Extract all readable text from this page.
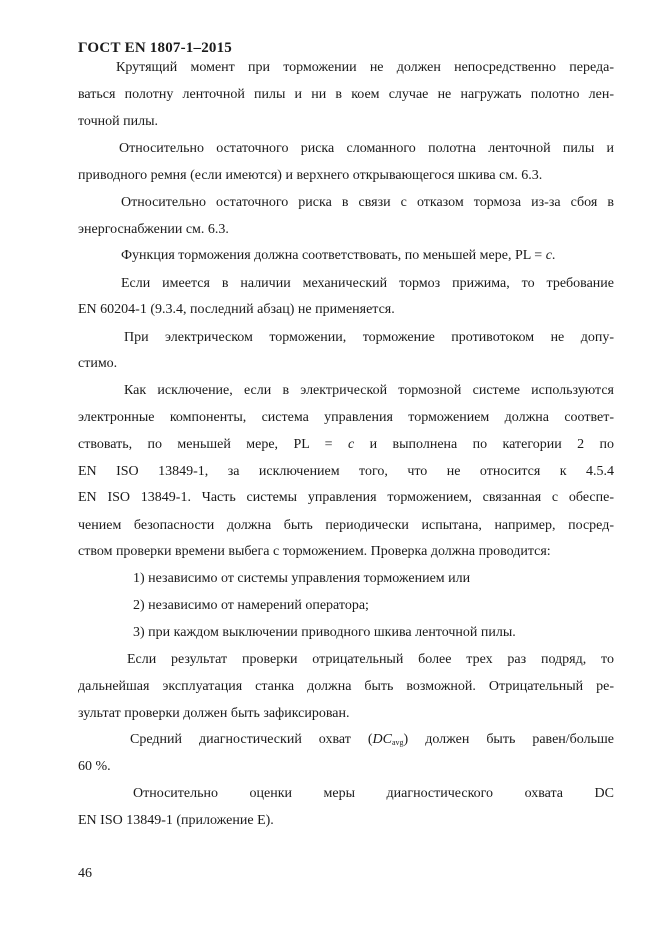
ГОСТ EN 1807-1–2015
Крутящий момент при торможении не должен непосредственно переда-
ваться полотну ленточной пилы и ни в коем случае не нагружать полотно лен-
точной пилы.
Относительно остаточного риска сломанного полотна ленточной пилы и
приводного ремня (если имеются) и верхнего открывающегося шкива см. 6.3.
Относительно остаточного риска в связи с отказом тормоза из-за сбоя в
энергоснабжении см. 6.3.
Функция торможения должна соответствовать, по меньшей мере, PL = c.
Если имеется в наличии механический тормоз прижима, то требование
EN 60204-1 (9.3.4, последний абзац) не применяется.
При электрическом торможении, торможение противотоком не допу-
стимо.
Как исключение, если в электрической тормозной системе используются
электронные компоненты, система управления торможением должна соответ-
ствовать, по меньшей мере, PL = c и выполнена по категории 2 по
EN ISO 13849-1, за исключением того, что не относится к 4.5.4
EN ISO 13849-1. Часть системы управления торможением, связанная с обеспе-
чением безопасности должна быть периодически испытана, например, посред-
ством проверки времени выбега с торможением. Проверка должна проводится:
1) независимо от системы управления торможением или
2) независимо от намерений оператора;
3) при каждом выключении приводного шкива ленточной пилы.
Если результат проверки отрицательный более трех раз подряд, то
дальнейшая эксплуатация станка должна быть возможной. Отрицательный ре-
зультат проверки должен быть зафиксирован.
Средний диагностический охват $(DC_{avg})$ должен быть равен/больше
60 %.
Относительно оценки меры диагностического охвата DC
EN ISO 13849-1 (приложение E).
46
